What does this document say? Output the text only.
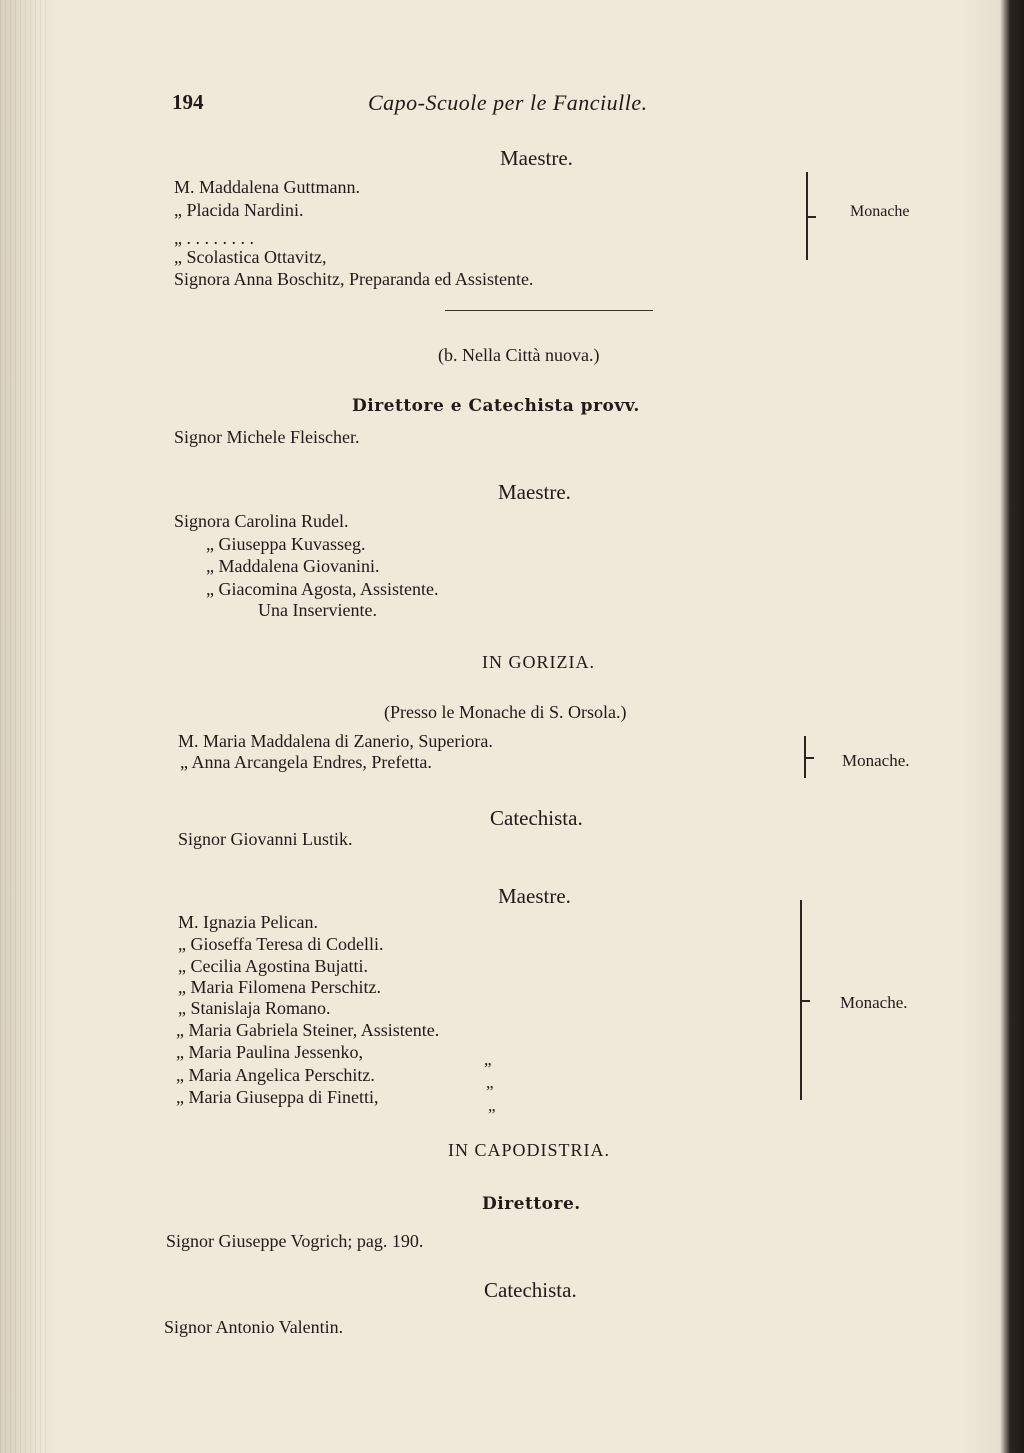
194	Capo-Scuole per le Fanciulle.
Maestre.
M. Maddalena Guttmann.
„ Placida Nardini.
„ . . . . . . . .
„ Scolastica Ottavitz,
Signora Anna Boschitz, Preparanda ed Assistente.
Monache
(b. Nella Città nuova.)
Direttore e Catechista provv.
Signor Michele Fleischer.
Maestre.
Signora Carolina Rudel.
„ Giuseppa Kuvasseg.
„ Maddalena Giovanini.
„ Giacomina Agosta, Assistente.
Una Inserviente.
IN GORIZIA.
(Presso le Monache di S. Orsola.)
M. Maria Maddalena di Zanerio, Superiora.
„ Anna Arcangela Endres, Prefetta.	Monache.
Catechista.
Signor Giovanni Lustik.
Maestre.
M. Ignazia Pelican.
„ Gioseffa Teresa di Codelli.
„ Cecilia Agostina Bujatti.
„ Maria Filomena Perschitz.
„ Stanislaja Romano.
„ Maria Gabriela Steiner, Assistente.
„ Maria Paulina Jessenko,	„
„ Maria Angelica Perschitz.	„
„ Maria Giuseppa di Finetti,	„
Monache.
IN CAPODISTRIA.
Direttore.
Signor Giuseppe Vogrich; pag. 190.
Catechista.
Signor Antonio Valentin.
